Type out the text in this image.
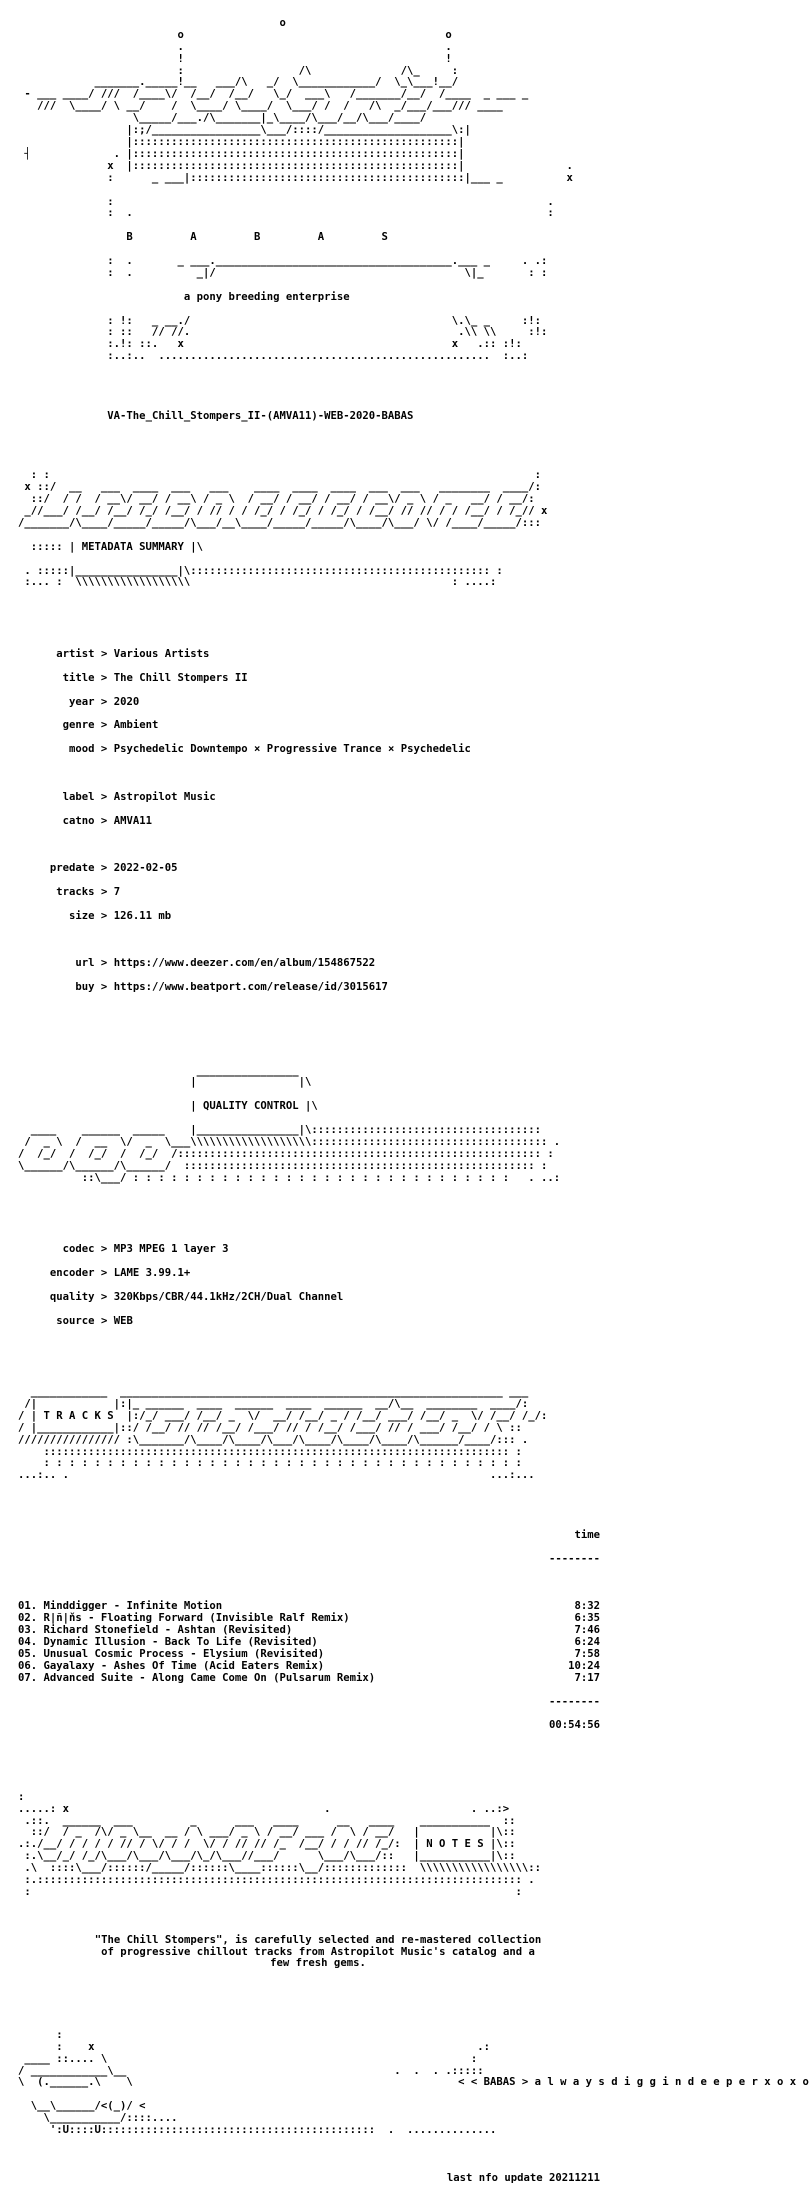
o
o                                         o
.                                         .
!                                         !
:                  /\              /\_     :
_______._____!__   ___/\   _/  \____________/  \_\___!__/
- ___ ____/ ///  /____\/  /__/  /__/   \_/  ___\   /_______/__/  /____  _ ___ _
///  \____/ \ __/    /  \____/ \____/  \___/ /  /   /\  _/___/___/// ____
\_____/___./\_______|_\____/\___/__/\___/____/
|:;/_________________\___/::::/____________________\:|
|:::::::::::::::::::::::::::::::::::::::::::::::::::|
┤             . |:::::::::::::::::::::::::::::::::::::::::::::::::::|
x  |:::::::::::::::::::::::::::::::::::::::::::::::::::|                .
:      _ ___|:::::::::::::::::::::::::::::::::::::::::::|___ _          x

:                                                                    .
:  .                                                                 :

B         A         B         A         S

:  .       _ ___._____________________________________.___ _     . .:
:  .          _|/                                       \|_       : :

a pony breeding enterprise

: !:   _ __./                                         \.\_ _     :!:
: ::   // //.                                          .\\ \\     :!:
:.!: ::.   x                                          x   .:: :!:
:..:..  ....................................................  :..:

VA-The_Chill_Stompers_II-(AMVA11)-WEB-2020-BABAS

: :                                                                            :
x ::/  __   ___  ____  ___   ___    ____  ____  ____  ___  ___   ________  ____/:
::/  / /  / __\/ __/ / __\ / _ \  / __/ / __/ / __/ / __\/ _ \ / _   __/ / __/:
_//___/ /__/ /__/ /_/ /__/ / // / / /_/ / /_/ / /_/ / /__/ // // / / /__/ / /_// x
/_______/\____/_____/_____/\___/__\____/_____/_____/\____/\___/ \/ /____/_____/:::

::::: | METADATA SUMMARY |\

. :::::|________________|\::::::::::::::::::::::::::::::::::::::::::::::: :
:... :  \\\\\\\\\\\\\\\\\\                                         : ....:

artist > Various Artists

title > The Chill Stompers II

year > 2020

genre > Ambient

mood > Psychedelic Downtempo × Progressive Trance × Psychedelic

label > Astropilot Music

catno > AMVA11

predate > 2022-02-05

tracks > 7

size > 126.11 mb

url > https://www.deezer.com/en/album/154867522

buy > https://www.beatport.com/release/id/3015617

________________
|                |\

| QUALITY CONTROL |\

____    ______  _____    |________________|\::::::::::::::::::::::::::::::::::::
/  _ \  /  __  \/  _  \___\\\\\\\\\\\\\\\\\\\::::::::::::::::::::::::::::::::::::: .
/  /_/  /  /_/  /  /_/  /::::::::::::::::::::::::::::::::::::::::::::::::::::::::: :
\______/\______/\______/  ::::::::::::::::::::::::::::::::::::::::::::::::::::::: :
::\___/ : : : : : : : : : : : : : : : : : : : : : : : : : : : : : :   . ..:

codec > MP3 MPEG 1 layer 3

encoder > LAME 3.99.1+

quality > 320Kbps/CBR/44.1kHz/2CH/Dual Channel

source > WEB

____________  ____________________________________________________________ ___
/|            |:|_ ______  ____  ______  ____  ______  __/\__  ________  ____/:
/ | T R A C K S  |:/_/ ___/ /__/ _  \/  __/ /__/ _ / /__/ ___/ /__/ _  \/ /__/ /_/:
/ |____________|::/ /__/ // // /__/ /___/ // / /__/ /___/ // / ___/ /__/ / \ ::
//////////////// :\_______/\____/\____/\___/\____/\____/\____/\______/____/::: .
::::::::::::::::::::::::::::::::::::::::::::::::::::::::::::::::::::::::: :
: : : : : : : : : : : : : : : : : : : : : : : : : : : : : : : : : : : : : :
...:.. .                                                                  ...:...

time

--------

01. Minddigger - Infinite Motion	8:32
02. R|ñ|ňs - Floating Forward (Invisible Ralf Remix)	6:35
03. Richard Stonefield - Ashtan (Revisited)	7:46
04. Dynamic Illusion - Back To Life (Revisited)	6:24
05. Unusual Cosmic Process - Elysium (Revisited)	7:58
06. Gayalaxy - Ashes Of Time (Acid Eaters Remix)	10:24
07. Advanced Suite - Along Came Come On (Pulsarum Remix)	7:17

--------

00:54:56

:
.....: x                                        .                      . ..:>
.::.  ______  ___         _      ___   ____      __   ____    ___________  ::
::/  / _  /\/ _ \__  __ / \ ___/ _ \ / __/ ___ /  \ / __/   |           |\::
.:./__/ / / / / // / \/ / /  \/ / // // /_  /__/ / / // /_/:  | N O T E S |\::
:.\__/_/ /_/\___/\___/\___/\_/\___//___/      \___/\___/::   |___________|\::
.\  ::::\___/::::::/_____/::::::\____::::::\__/:::::::::::::  \\\\\\\\\\\\\\\\\::
:.:::::::::::::::::::::::::::::::::::::::::::::::::::::::::::::::::::::::::::: .
:                                                                            :

"The Chill Stompers", is carefully selected and re-mastered collection
of progressive chillout tracks from Astropilot Music's catalog and a
few fresh gems.

:
:    x                                                            .:
____ ::.... \                                                         :
/ ____________\__                                          .  .  . .:::::
\  (.______.\    \	< < BABAS > a l w a y s d i g g i n d e e p e r x o x o

\__\______/<(_)/ <
\___________/::::....
':U::::U:::::::::::::::::::::::::::::::::::::::::::  .  ..............

last nfo update 20211211
